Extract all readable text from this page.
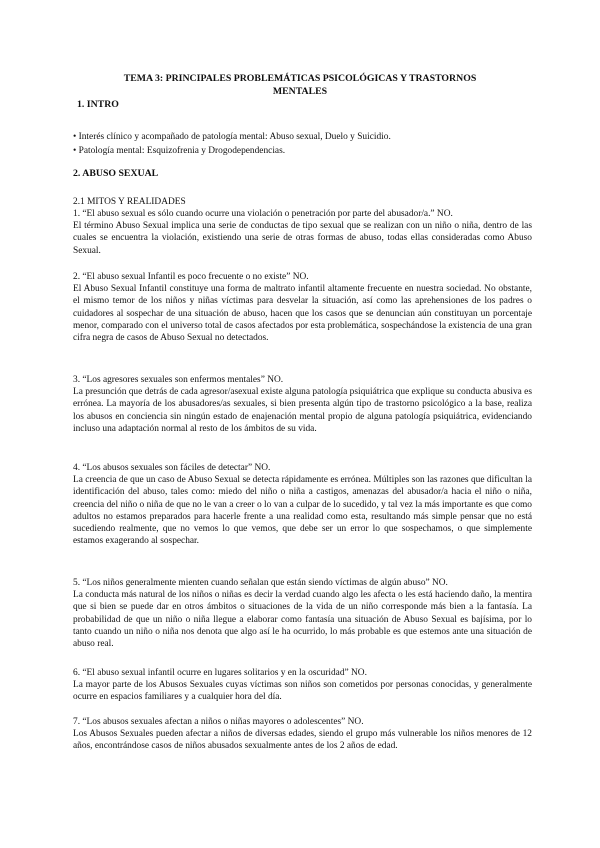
TEMA 3: PRINCIPALES PROBLEMÁTICAS PSICOLÓGICAS Y TRASTORNOS MENTALES
1. INTRO
• Interés clínico y acompañado de patología mental: Abuso sexual, Duelo y Suicidio.
• Patología mental: Esquizofrenia y Drogodependencias.
2. ABUSO SEXUAL
2.1 MITOS Y REALIDADES

1. “El abuso sexual es sólo cuando ocurre una violación o penetración por parte del abusador/a.” NO.

El término Abuso Sexual implica una serie de conductas de tipo sexual que se realizan con un niño o niña, dentro de las cuales se encuentra la violación, existiendo una serie de otras formas de abuso, todas ellas consideradas como Abuso Sexual.

2. “El abuso sexual Infantil es poco frecuente o no existe” NO.

El Abuso Sexual Infantil constituye una forma de maltrato infantil altamente frecuente en nuestra sociedad. No obstante, el mismo temor de los niños y niñas víctimas para desvelar la situación, así como las aprehensiones de los padres o cuidadores al sospechar de una situación de abuso, hacen que los casos que se denuncian aún constituyan un porcentaje menor, comparado con el universo total de casos afectados por esta problemática, sospechándose la existencia de una gran cifra negra de casos de Abuso Sexual no detectados.

3. “Los agresores sexuales son enfermos mentales” NO.

La presunción que detrás de cada agresor/asexual existe alguna patología psiquiátrica que explique su conducta abusiva es errónea. La mayoría de los abusadores/as sexuales, si bien presenta algún tipo de trastorno psicológico a la base, realiza los abusos en conciencia sin ningún estado de enajenación mental propio de alguna patología psiquiátrica, evidenciando incluso una adaptación normal al resto de los ámbitos de su vida.

4. “Los abusos sexuales son fáciles de detectar” NO.

La creencia de que un caso de Abuso Sexual se detecta rápidamente es errónea. Múltiples son las razones que dificultan la identificación del abuso, tales como: miedo del niño o niña a castigos, amenazas del abusador/a hacia el niño o niña, creencia del niño o niña de que no le van a creer o lo van a culpar de lo sucedido, y tal vez la más importante es que como adultos no estamos preparados para hacerle frente a una realidad como esta, resultando más simple pensar que no está sucediendo realmente, que no vemos lo que vemos, que debe ser un error lo que sospechamos, o que simplemente estamos exagerando al sospechar.

5. “Los niños generalmente mienten cuando señalan que están siendo víctimas de algún abuso” NO.

La conducta más natural de los niños o niñas es decir la verdad cuando algo les afecta o les está haciendo daño, la mentira que si bien se puede dar en otros ámbitos o situaciones de la vida de un niño corresponde más bien a la fantasía. La probabilidad de que un niño o niña llegue a elaborar como fantasía una situación de Abuso Sexual es bajísima, por lo tanto cuando un niño o niña nos denota que algo así le ha ocurrido, lo más probable es que estemos ante una situación de abuso real.

6. “El abuso sexual infantil ocurre en lugares solitarios y en la oscuridad” NO.

La mayor parte de los Abusos Sexuales cuyas víctimas son niños son cometidos por personas conocidas, y generalmente ocurre en espacios familiares y a cualquier hora del día.

7. “Los abusos sexuales afectan a niños o niñas mayores o adolescentes” NO.

Los Abusos Sexuales pueden afectar a niños de diversas edades, siendo el grupo más vulnerable los niños menores de 12 años, encontrándose casos de niños abusados sexualmente antes de los 2 años de edad.
